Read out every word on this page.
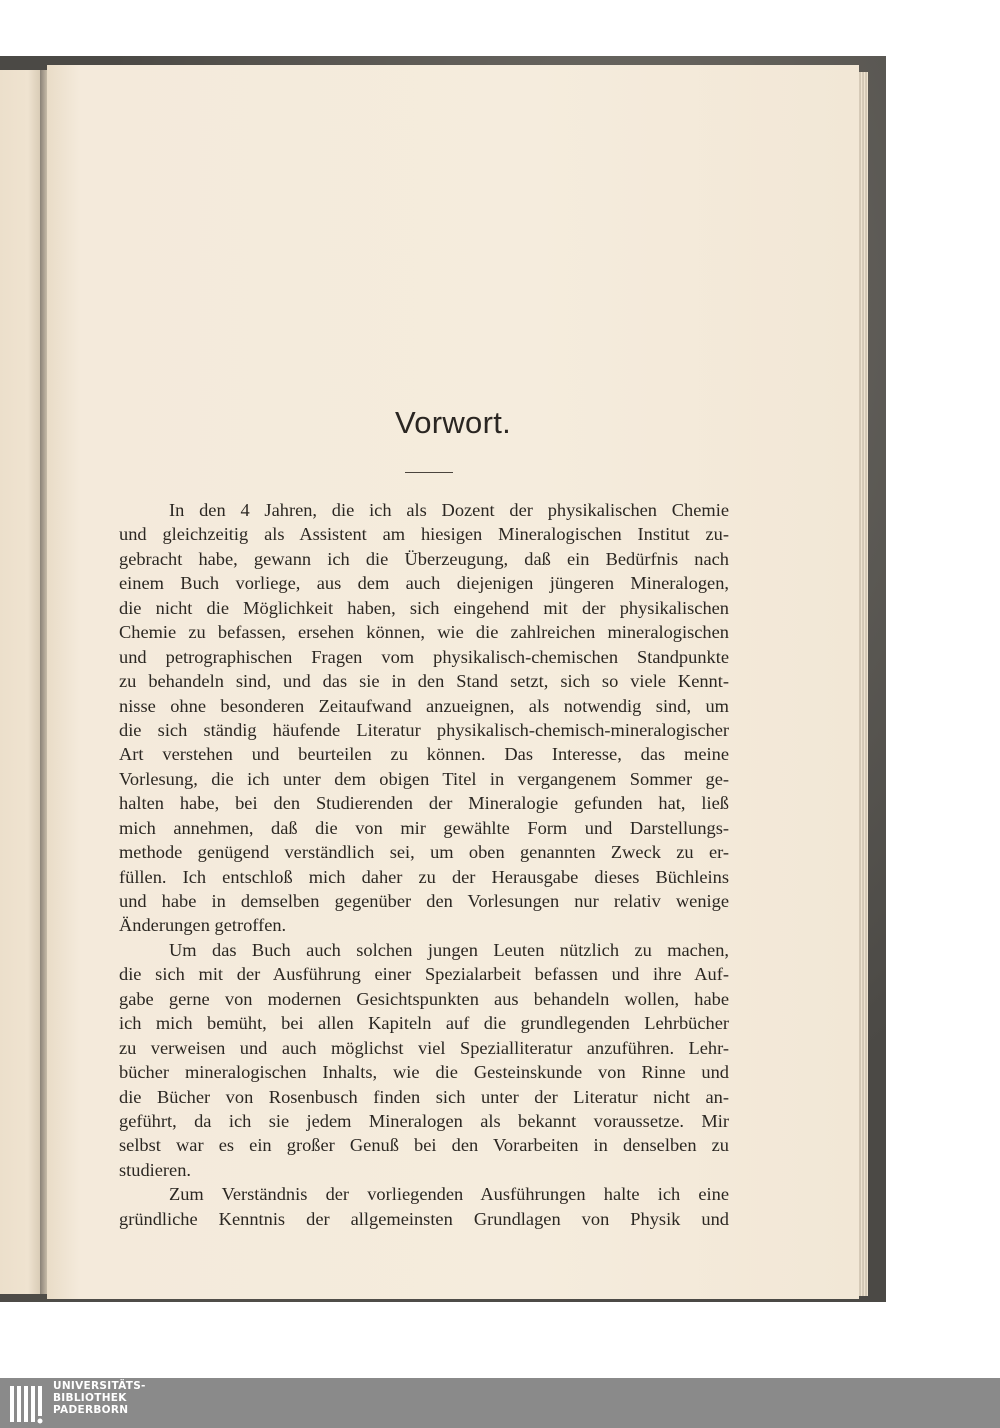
Vorwort.
In den 4 Jahren, die ich als Dozent der physikalischen Chemie
und gleichzeitig als Assistent am hiesigen Mineralogischen Institut zu-
gebracht habe, gewann ich die Überzeugung, daß ein Bedürfnis nach
einem Buch vorliege, aus dem auch diejenigen jüngeren Mineralogen,
die nicht die Möglichkeit haben, sich eingehend mit der physikalischen
Chemie zu befassen, ersehen können, wie die zahlreichen mineralogischen
und petrographischen Fragen vom physikalisch-chemischen Standpunkte
zu behandeln sind, und das sie in den Stand setzt, sich so viele Kennt-
nisse ohne besonderen Zeitaufwand anzueignen, als notwendig sind, um
die sich ständig häufende Literatur physikalisch-chemisch-mineralogischer
Art verstehen und beurteilen zu können. Das Interesse, das meine
Vorlesung, die ich unter dem obigen Titel in vergangenem Sommer ge-
halten habe, bei den Studierenden der Mineralogie gefunden hat, ließ
mich annehmen, daß die von mir gewählte Form und Darstellungs-
methode genügend verständlich sei, um oben genannten Zweck zu er-
füllen. Ich entschloß mich daher zu der Herausgabe dieses Büchleins
und habe in demselben gegenüber den Vorlesungen nur relativ wenige
Änderungen getroffen.
Um das Buch auch solchen jungen Leuten nützlich zu machen,
die sich mit der Ausführung einer Spezialarbeit befassen und ihre Auf-
gabe gerne von modernen Gesichtspunkten aus behandeln wollen, habe
ich mich bemüht, bei allen Kapiteln auf die grundlegenden Lehrbücher
zu verweisen und auch möglichst viel Spezialliteratur anzuführen. Lehr-
bücher mineralogischen Inhalts, wie die Gesteinskunde von Rinne und
die Bücher von Rosenbusch finden sich unter der Literatur nicht an-
geführt, da ich sie jedem Mineralogen als bekannt voraussetze. Mir
selbst war es ein großer Genuß bei den Vorarbeiten in denselben zu
studieren.
Zum Verständnis der vorliegenden Ausführungen halte ich eine
gründliche Kenntnis der allgemeinsten Grundlagen von Physik und
UNIVERSITÄTS-
BIBLIOTHEK
PADERBORN
